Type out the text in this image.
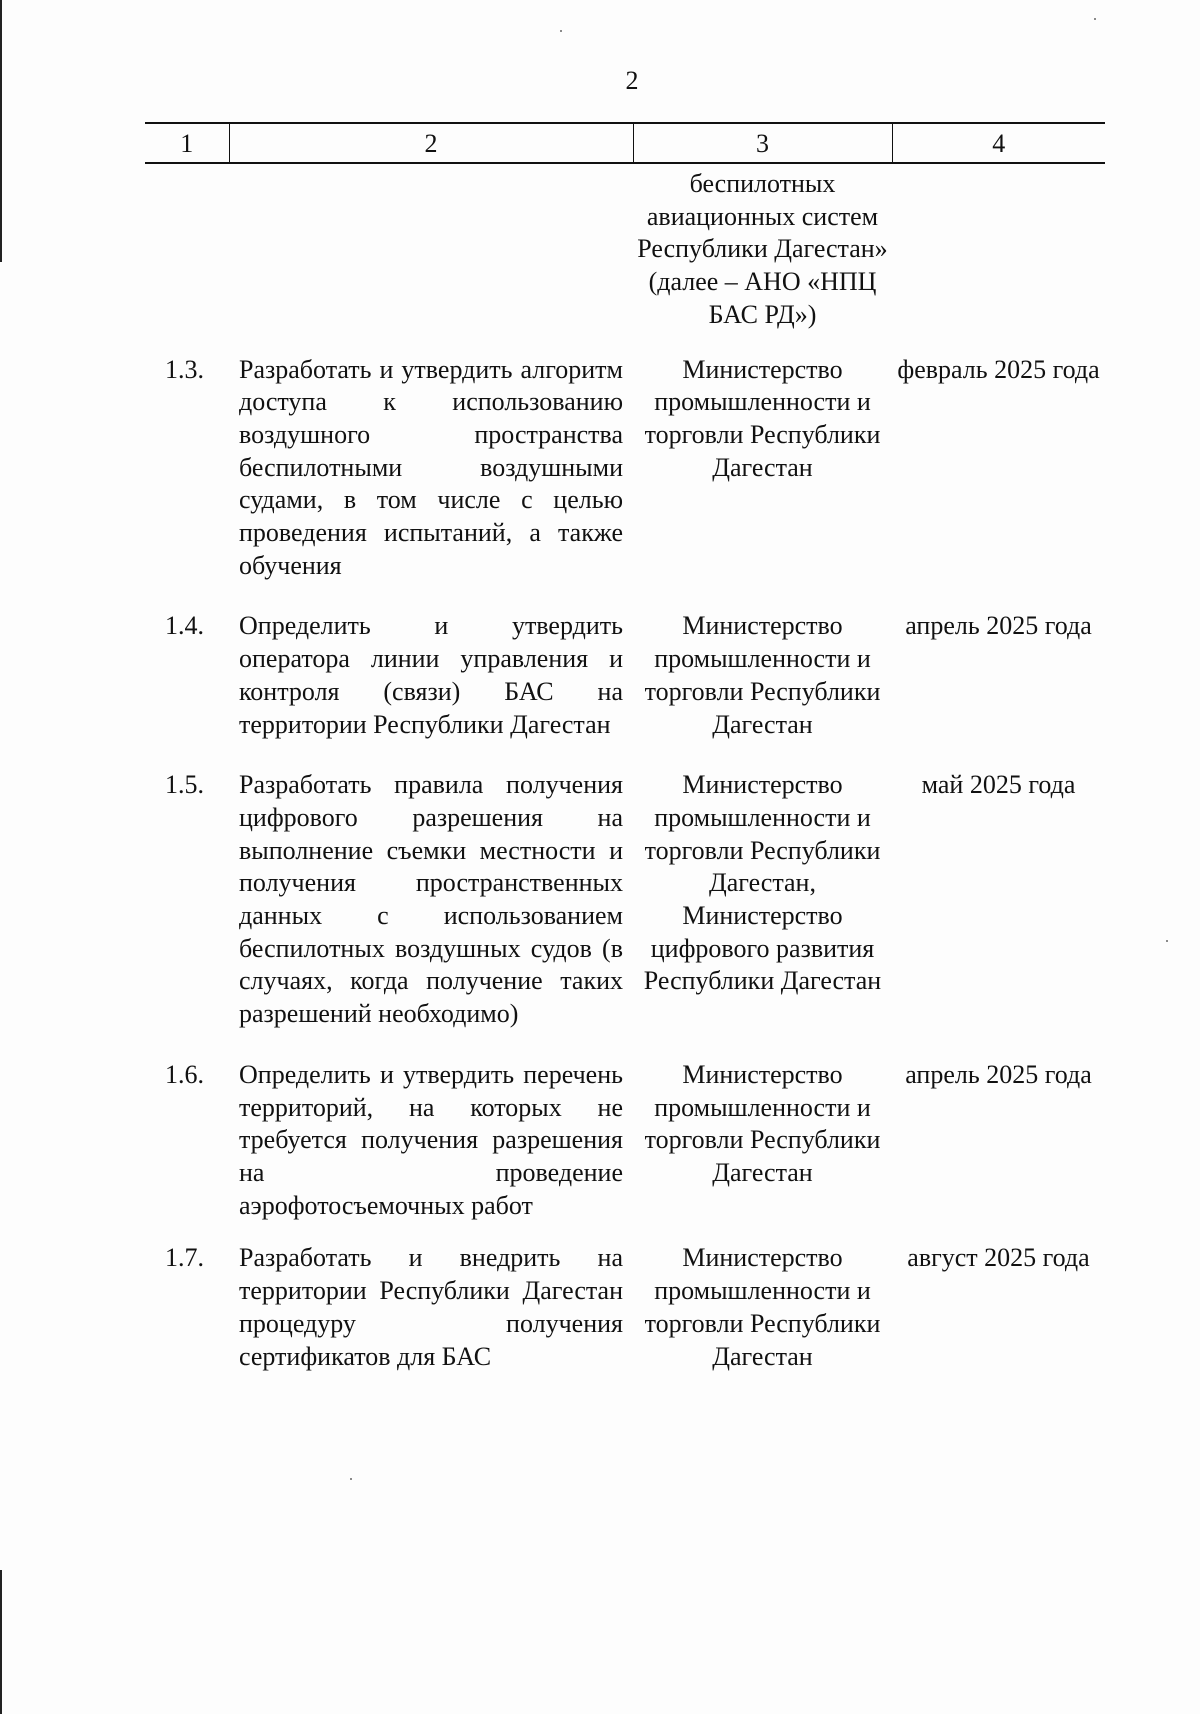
2
1	2	3	4
		беспилотных авиационных систем Республики Дагестан» (далее – АНО «НПЦ БАС РД»)	
1.3.	Разработать и утвердить алгоритм доступа к использованию воздушного пространства беспилотными воздушными судами, в том числе с целью проведения испытаний, а также обучения	Министерство промышленности и торговли Республики Дагестан	февраль 2025 года
1.4.	Определить и утвердить оператора линии управления и контроля (связи) БАС на территории Республики Дагестан	Министерство промышленности и торговли Республики Дагестан	апрель 2025 года
1.5.	Разработать правила получения цифрового разрешения на выполнение съемки местности и получения пространственных данных с использованием беспилотных воздушных судов (в случаях, когда получение таких разрешений необходимо)	Министерство промышленности и торговли Республики Дагестан, Министерство цифрового развития Республики Дагестан	май 2025 года
1.6.	Определить и утвердить перечень территорий, на которых не требуется получения разрешения на проведение аэрофотосъемочных работ	Министерство промышленности и торговли Республики Дагестан	апрель 2025 года
1.7.	Разработать и внедрить на территории Республики Дагестан процедуру получения сертификатов для БАС	Министерство промышленности и торговли Республики Дагестан	август 2025 года
